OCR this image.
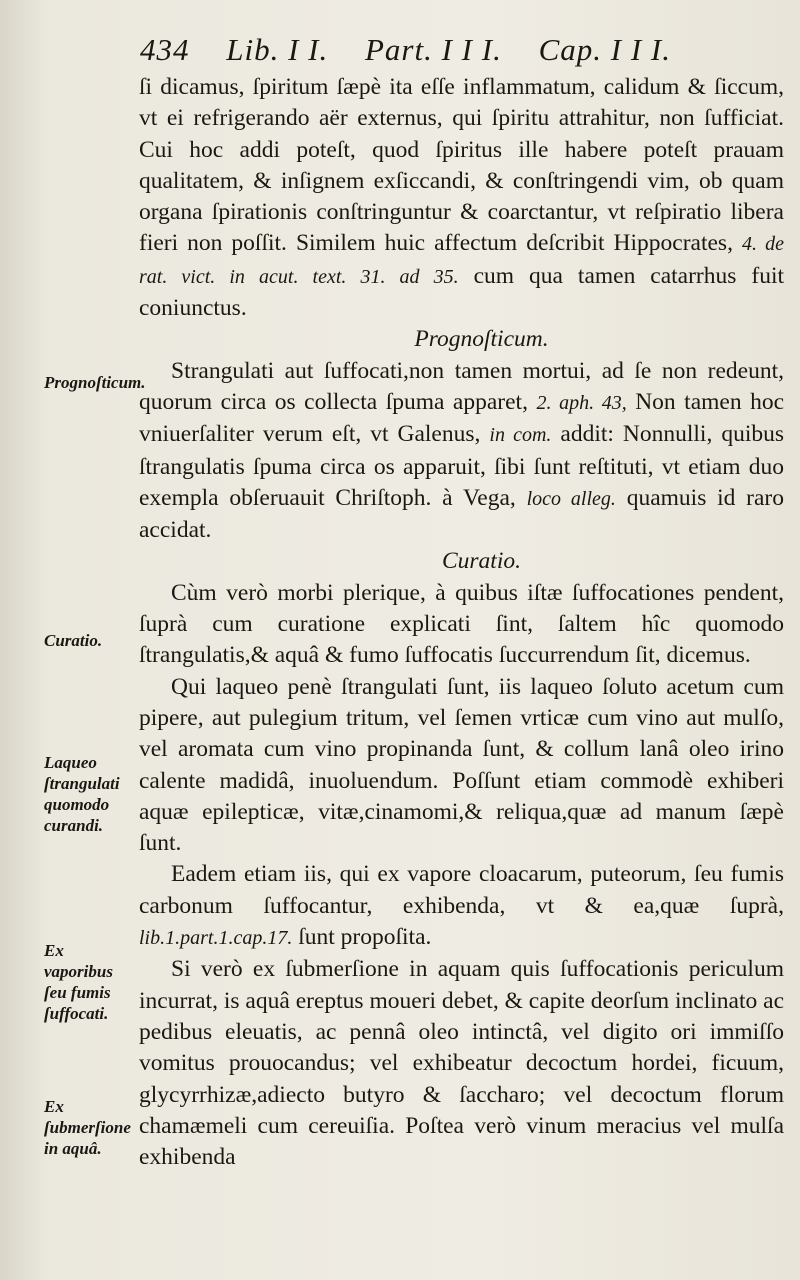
434 Lib. I I. Part. I I I. Cap. I I I.

ſi dicamus, ſpiritum ſæpè ita eſſe inflammatum, calidum & ſiccum, vt ei refrigerando aër externus, qui ſpiritu attrahitur, non ſufficiat. Cui hoc addi poteſt, quod ſpiritus ille habere poteſt prauam qualitatem, & inſignem exſiccandi, & conſtringendi vim, ob quam organa ſpirationis conſtringuntur & coarctantur, vt reſpiratio libera fieri non poſſit. Similem huic affectum deſcribit Hippocrates, 4. de rat. vict. in acut. text. 31. ad 35. cum qua tamen catarrhus fuit coniunctus.

Prognoſticum.

Strangulati aut ſuffocati,non tamen mortui, ad ſe non redeunt, quorum circa os collecta ſpuma apparet, 2. aph. 43, Non tamen hoc vniuerſaliter verum eſt, vt Galenus, in com. addit: Nonnulli, quibus ſtrangulatis ſpuma circa os apparuit, ſibi ſunt reſtituti, vt etiam duo exempla obſeruauit Chriſtoph. à Vega, loco alleg. quamuis id raro accidat.

Curatio.

Cùm verò morbi plerique, à quibus iſtæ ſuffocationes pendent, ſuprà cum curatione explicati ſint, ſaltem hîc quomodo ſtrangulatis,& aquâ & fumo ſuffocatis ſuccurrendum ſit, dicemus.

Qui laqueo penè ſtrangulati ſunt, iis laqueo ſoluto acetum cum pipere, aut pulegium tritum, vel ſemen vrticæ cum vino aut mulſo, vel aromata cum vino propinanda ſunt, & collum lanâ oleo irino calente madidâ, inuoluendum. Poſſunt etiam commodè exhiberi aquæ epilepticæ, vitæ,cinamomi,& reliqua,quæ ad manum ſæpè ſunt.

Eadem etiam iis, qui ex vapore cloacarum, puteorum, ſeu fumis carbonum ſuffocantur, exhibenda, vt & ea,quæ ſuprà, lib.1.part.1.cap.17. ſunt propoſita.

Si verò ex ſubmerſione in aquam quis ſuffocationis periculum incurrat, is aquâ ereptus moueri debet, & capite deorſum inclinato ac pedibus eleuatis, ac pennâ oleo intinctâ, vel digito ori immiſſo vomitus prouocandus; vel exhibeatur decoctum hordei, ficuum, glycyrrhizæ,adiecto butyro & ſaccharo; vel decoctum florum chamæmeli cum cereuiſia. Poſtea verò vinum meracius vel mulſa exhibenda

Prognoſticum.
Curatio.
Laqueo ſtrangulati quomodo curandi.
Ex vaporibus ſeu fumis ſuffocati.
Ex ſubmerſione in aquâ.
